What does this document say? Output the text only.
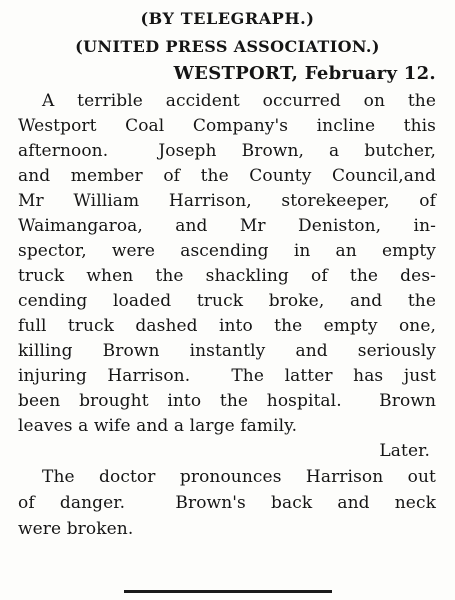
(BY TELEGRAPH.)
(UNITED PRESS ASSOCIATION.)
WESTPORT, February 12.
A terrible accident occurred on the
Westport Coal Company's incline this
afternoon.  Joseph Brown, a butcher,
and member of the County Council,and
Mr William Harrison, storekeeper, of
Waimangaroa, and Mr Deniston, in-
spector, were ascending in an empty
truck when the shackling of the des-
cending loaded truck broke, and the
full truck dashed into the empty one,
killing Brown instantly and seriously
injuring Harrison.  The latter has just
been brought into the hospital.  Brown
leaves a wife and a large family.
Later.
The doctor pronounces Harrison out
of danger.  Brown's back and neck
were broken.
